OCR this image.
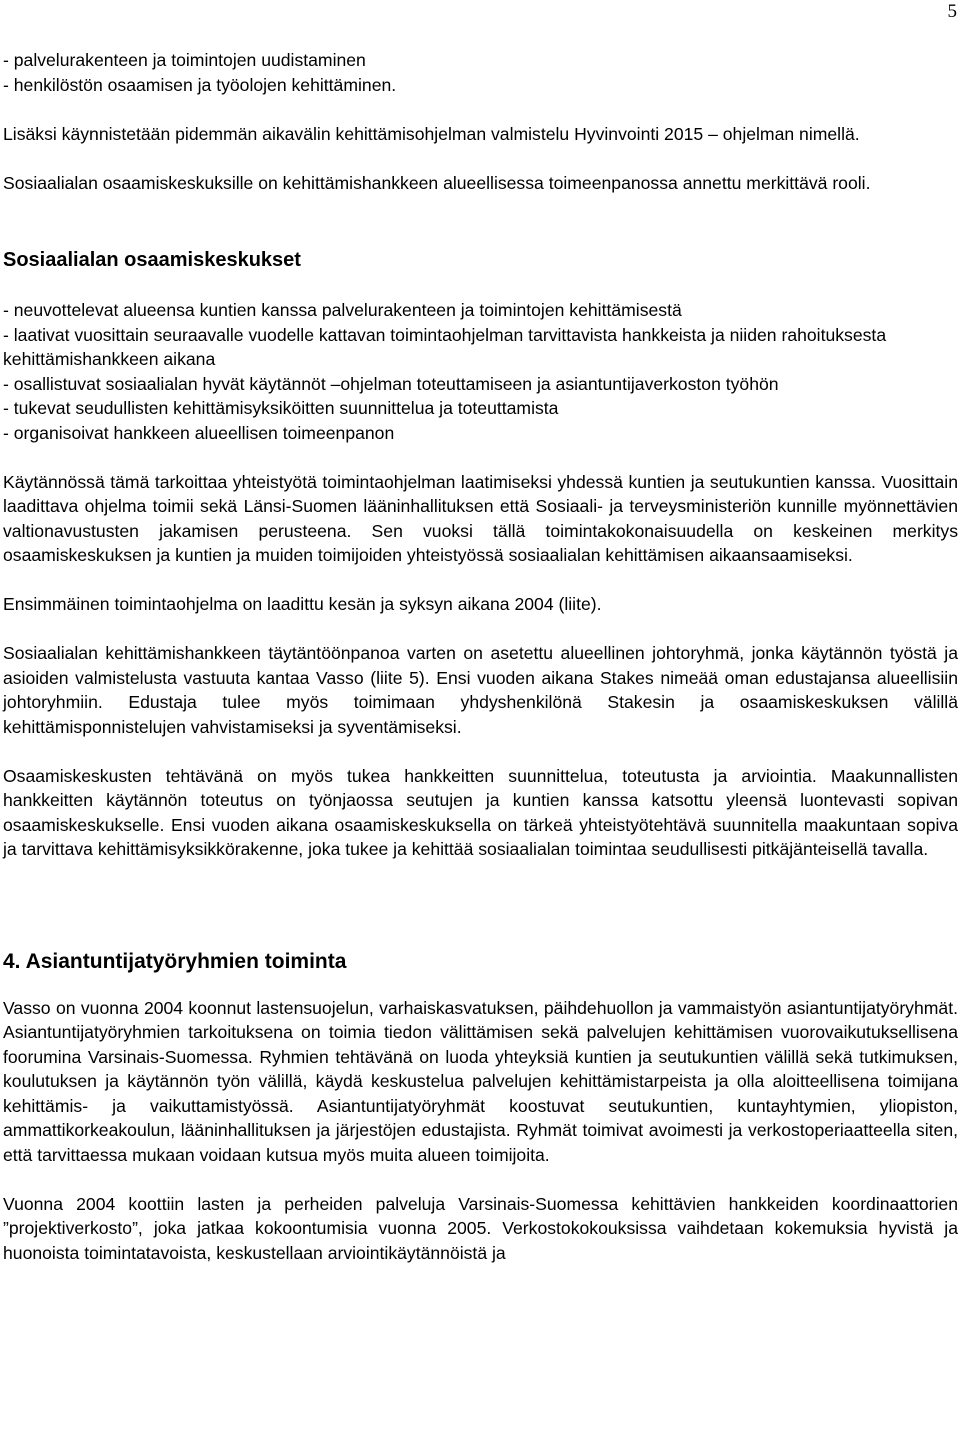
5
- palvelurakenteen ja toimintojen uudistaminen
- henkilöstön osaamisen ja työolojen kehittäminen.

Lisäksi käynnistetään pidemmän aikavälin kehittämisohjelman valmistelu Hyvinvointi 2015 – ohjelman nimellä.

Sosiaalialan osaamiskeskuksille on kehittämishankkeen alueellisessa toimeenpanossa annettu merkittävä rooli.

Sosiaalialan osaamiskeskukset
- neuvottelevat alueensa kuntien kanssa palvelurakenteen ja toimintojen kehittämisestä
- laativat vuosittain seuraavalle vuodelle kattavan toimintaohjelman tarvittavista hankkeista ja niiden rahoituksesta kehittämishankkeen aikana
- osallistuvat sosiaalialan hyvät käytännöt –ohjelman toteuttamiseen ja asiantuntijaverkoston työhön
- tukevat seudullisten kehittämisyksiköitten suunnittelua ja toteuttamista
- organisoivat hankkeen alueellisen toimeenpanon

Käytännössä tämä tarkoittaa yhteistyötä toimintaohjelman laatimiseksi yhdessä kuntien ja seutukuntien kanssa. Vuosittain laadittava ohjelma toimii sekä Länsi-Suomen lääninhallituksen että Sosiaali- ja terveysministeriön kunnille myönnettävien valtionavustusten jakamisen perusteena. Sen vuoksi tällä toimintakokonaisuudella on keskeinen merkitys osaamiskeskuksen ja kuntien ja muiden toimijoiden yhteistyössä sosiaalialan kehittämisen aikaansaamiseksi.

Ensimmäinen toimintaohjelma on laadittu kesän ja syksyn aikana 2004 (liite).

Sosiaalialan kehittämishankkeen täytäntöönpanoa varten on asetettu alueellinen johtoryhmä, jonka käytännön työstä ja asioiden valmistelusta vastuuta kantaa Vasso (liite 5). Ensi vuoden aikana Stakes nimeää oman edustajansa alueellisiin johtoryhmiin. Edustaja tulee myös toimimaan yhdyshenkilönä Stakesin ja osaamiskeskuksen välillä kehittämisponnistelujen vahvistamiseksi ja syventämiseksi.

Osaamiskeskusten tehtävänä on myös tukea hankkeitten suunnittelua, toteutusta ja arviointia. Maakunnallisten hankkeitten käytännön toteutus on työnjaossa seutujen ja kuntien kanssa katsottu yleensä luontevasti sopivan osaamiskeskukselle. Ensi vuoden aikana osaamiskeskuksella on tärkeä yhteistyötehtävä suunnitella maakuntaan sopiva ja tarvittava kehittämisyksikkörakenne, joka tukee ja kehittää sosiaalialan toimintaa seudullisesti pitkäjänteisellä tavalla.

4. Asiantuntijatyöryhmien toiminta

Vasso on vuonna 2004 koonnut lastensuojelun, varhaiskasvatuksen, päihdehuollon ja vammaistyön asiantuntijatyöryhmät. Asiantuntijatyöryhmien tarkoituksena on toimia tiedon välittämisen sekä palvelujen kehittämisen vuorovaikutuksellisena foorumina Varsinais-Suomessa. Ryhmien tehtävänä on luoda yhteyksiä kuntien ja seutukuntien välillä sekä tutkimuksen, koulutuksen ja käytännön työn välillä, käydä keskustelua palvelujen kehittämistarpeista ja olla aloitteellisena toimijana kehittämis- ja vaikuttamistyössä. Asiantuntijatyöryhmät koostuvat seutukuntien, kuntayhtymien, yliopiston, ammattikorkeakoulun, lääninhallituksen ja järjestöjen edustajista. Ryhmät toimivat avoimesti ja verkostoperiaatteella siten, että tarvittaessa mukaan voidaan kutsua myös muita alueen toimijoita.

Vuonna 2004 koottiin lasten ja perheiden palveluja Varsinais-Suomessa kehittävien hankkeiden koordinaattorien ”projektiverkosto”, joka jatkaa kokoontumisia vuonna 2005. Verkostokokouksissa vaihdetaan kokemuksia hyvistä ja huonoista toimintatavoista, keskustellaan arviointikäytännöistä ja
